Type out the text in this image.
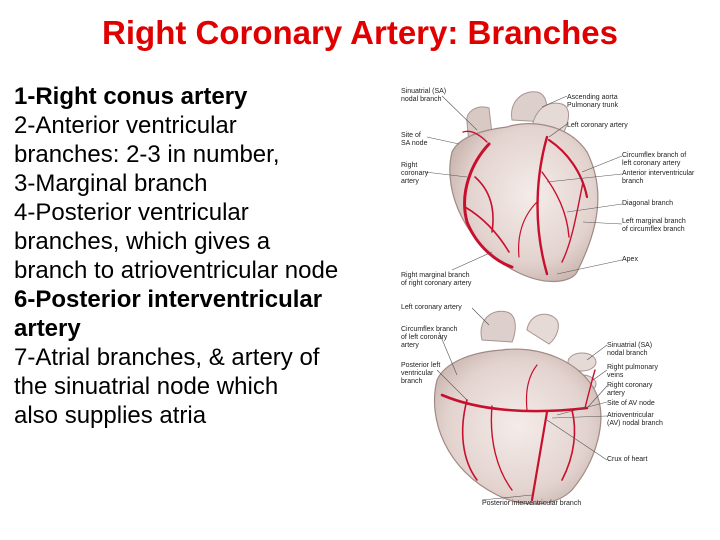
Right Coronary Artery: Branches
1-Right conus artery
2-Anterior ventricular
branches: 2-3 in number,
3-Marginal branch
4-Posterior ventricular
branches, which gives a
branch to atrioventricular node
6-Posterior interventricular
artery
7-Atrial branches, & artery of
the sinuatrial node which
also supplies atria
Sinuatrial (SA)
nodal branch
Site of
SA node
Right
coronary
artery
Ascending aorta
Pulmonary trunk
Left coronary artery
Circumflex branch of
left coronary artery
Anterior interventricular
branch
Diagonal branch
Left marginal branch
of circumflex branch
Apex
Right marginal branch
of right coronary artery
Left coronary artery
Circumflex branch
of left coronary
artery
Posterior left
ventricular
branch
Sinuatrial (SA)
nodal branch
Right pulmonary
veins
Right coronary
artery
Site of AV node
Atrioventricular
(AV) nodal branch
Crux of heart
Posterior interventricular branch
